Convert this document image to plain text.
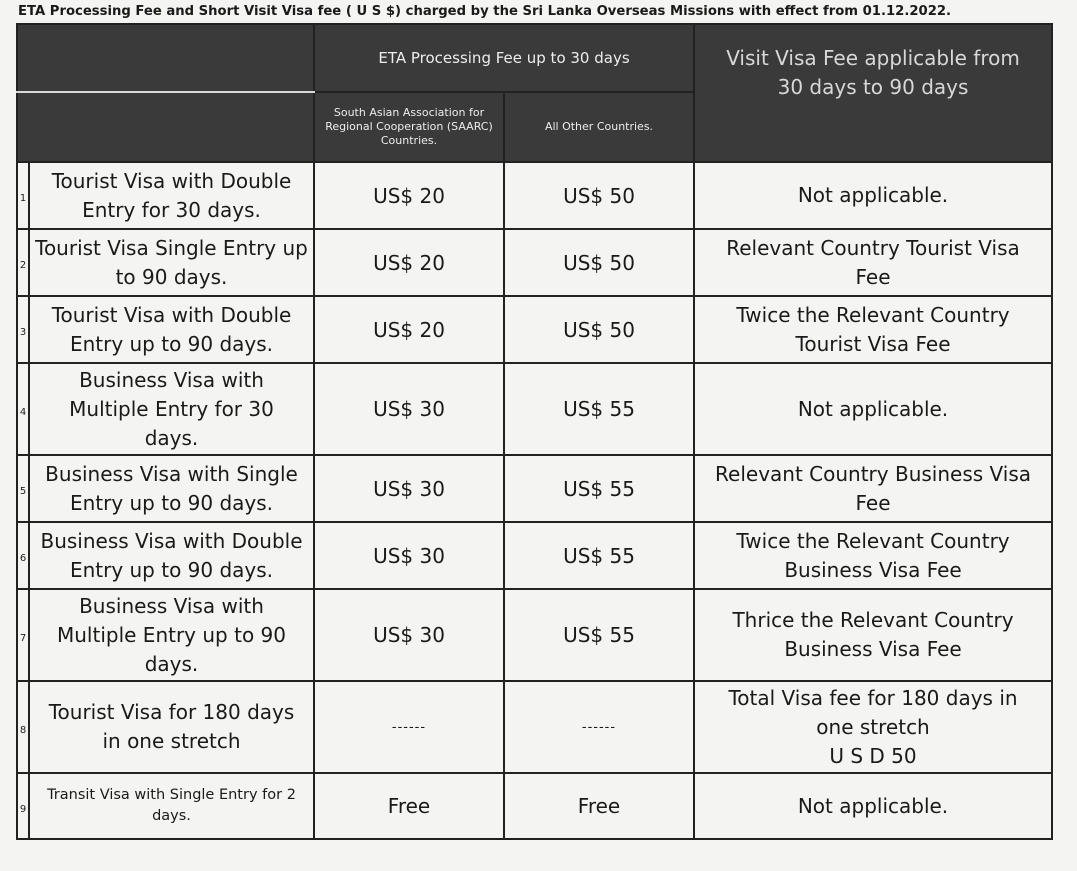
ETA Processing Fee and Short Visit Visa fee ( U S $) charged by the Sri Lanka Overseas Missions with effect from 01.12.2022.
		ETA Processing Fee up to 30 days		Visit Visa Fee applicable from 30 days to 90 days
		South Asian Association for Regional Cooperation (SAARC) Countries.	All Other Countries.	
1	Tourist Visa with Double Entry for 30 days.	US$ 20	US$ 50	Not applicable.
2	Tourist Visa Single Entry up to 90 days.	US$ 20	US$ 50	Relevant Country Tourist Visa Fee
3	Tourist Visa with Double Entry up to 90 days.	US$ 20	US$ 50	Twice the Relevant Country Tourist Visa Fee
4	Business Visa with Multiple Entry for 30 days.	US$ 30	US$ 55	Not applicable.
5	Business Visa with Single Entry up to 90 days.	US$ 30	US$ 55	Relevant Country Business Visa Fee
6	Business Visa with Double Entry up to 90 days.	US$ 30	US$ 55	Twice the Relevant Country Business Visa Fee
7	Business Visa with Multiple Entry up to 90 days.	US$ 30	US$ 55	Thrice the Relevant Country Business Visa Fee
8	Tourist Visa for 180 days in one stretch	------	------	Total Visa fee for 180 days in one stretch
U S D 50

9	Transit Visa with Single Entry for 2 days.	Free	Free	Not applicable.
